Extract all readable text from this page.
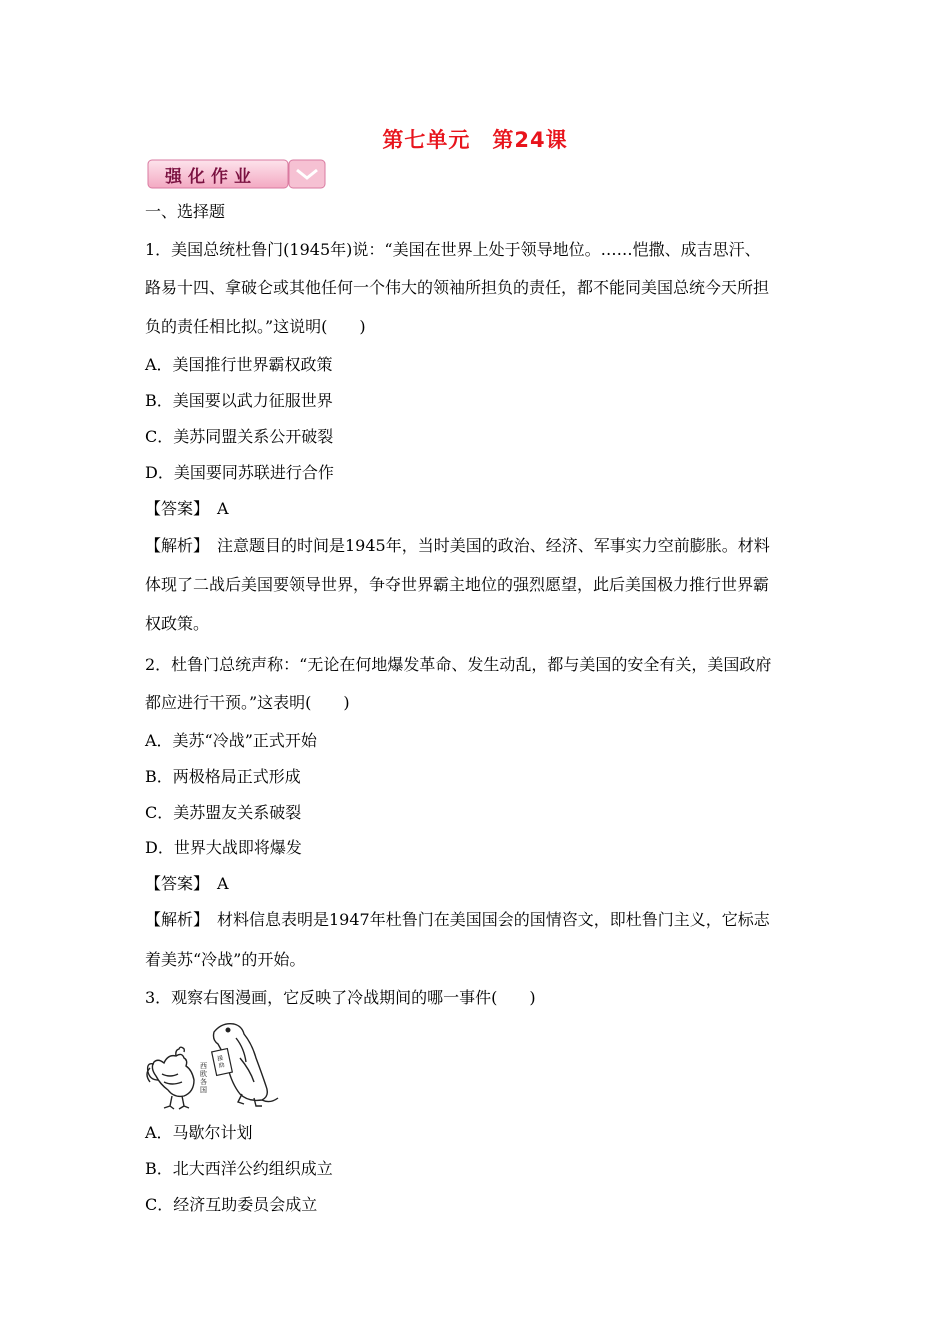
第七单元　第24课
强化作业
一、选择题
1．美国总统杜鲁门(1945年)说：“美国在世界上处于领导地位。……恺撒、成吉思汗、
路易十四、拿破仑或其他任何一个伟大的领袖所担负的责任，都不能同美国总统今天所担
负的责任相比拟。”这说明(　　)
A．美国推行世界霸权政策
B．美国要以武力征服世界
C．美苏同盟关系公开破裂
D．美国要同苏联进行合作
【答案】　A
【解析】　注意题目的时间是1945年，当时美国的政治、经济、军事实力空前膨胀。材料
体现了二战后美国要领导世界，争夺世界霸主地位的强烈愿望，此后美国极力推行世界霸
权政策。
2．杜鲁门总统声称：“无论在何地爆发革命、发生动乱，都与美国的安全有关，美国政府
都应进行干预。”这表明(　　)
A．美苏“冷战”正式开始
B．两极格局正式形成
C．美苏盟友关系破裂
D．世界大战即将爆发
【答案】　A
【解析】　材料信息表明是1947年杜鲁门在美国国会的国情咨文，即杜鲁门主义，它标志
着美苏“冷战”的开始。
3．观察右图漫画，它反映了冷战期间的哪一事件(　　)
西欧各国
援助
A．马歇尔计划
B．北大西洋公约组织成立
C．经济互助委员会成立
